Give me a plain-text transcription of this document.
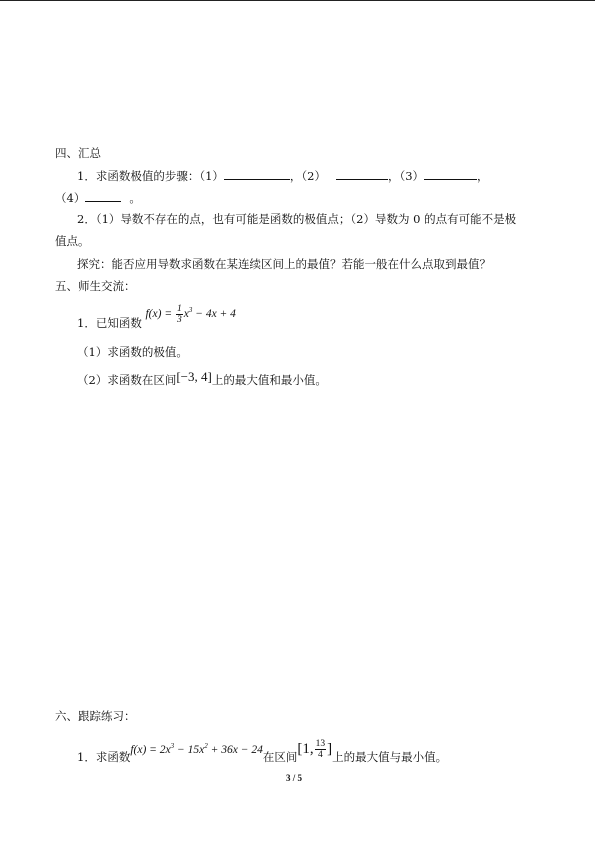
四、汇总
1．求函数极值的步骤：（1）	，（2）	，（3）	，
（4）	。
2．（1）导数不存在的点，也有可能是函数的极值点；（2）导数为 0 的点有可能不是极
值点。
探究：能否应用导数求函数在某连续区间上的最值？若能一般在什么点取到最值？
五、师生交流：
1．已知函数 $f(x) = \frac{1}{3} x^3 - 4x + 4$
（1）求函数的极值。
（2）求函数在区间[−3, 4]上的最大值和最小值。
六、跟踪练习：
1．求函数$f(x) = 2x^3 - 15x^2 + 36x - 24$在区间[1, $\frac{13}{4}$ ]上的最大值与最小值。
3 / 5
